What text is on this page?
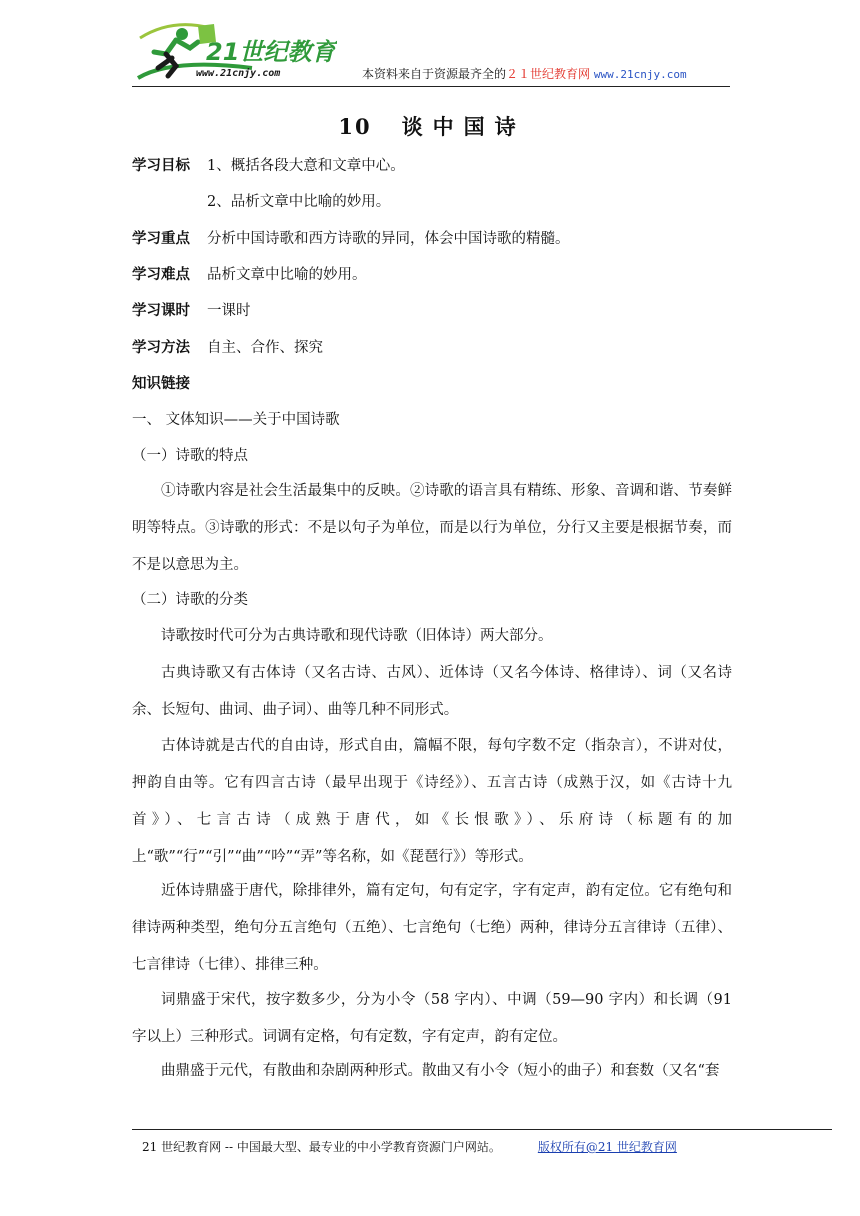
21世纪教育
www.21cnjy.com	本资料来自于资源最齐全的２１世纪教育网 www.21cnjy.com
10 谈 中 国 诗
学习目标 1、概括各段大意和文章中心。
2、品析文章中比喻的妙用。
学习重点 分析中国诗歌和西方诗歌的异同，体会中国诗歌的精髓。
学习难点 品析文章中比喻的妙用。
学习课时 一课时
学习方法 自主、合作、探究
知识链接
一、 文体知识——关于中国诗歌
（一）诗歌的特点
①诗歌内容是社会生活最集中的反映。②诗歌的语言具有精练、形象、音调和谐、节奏鲜明等特点。③诗歌的形式：不是以句子为单位，而是以行为单位，分行又主要是根据节奏，而不是以意思为主。
（二）诗歌的分类
诗歌按时代可分为古典诗歌和现代诗歌（旧体诗）两大部分。
古典诗歌又有古体诗（又名古诗、古风）、近体诗（又名今体诗、格律诗）、词（又名诗余、长短句、曲词、曲子词）、曲等几种不同形式。
古体诗就是古代的自由诗，形式自由，篇幅不限，每句字数不定（指杂言），不讲对仗，押韵自由等。它有四言古诗（最早出现于《诗经》）、五言古诗（成熟于汉，如《古诗十九首》）、七言古诗（成熟于唐代，如《长恨歌》）、乐府诗（标题有的加上“歌”“行”“引”“曲”“吟”“弄”等名称，如《琵琶行》）等形式。
近体诗鼎盛于唐代，除排律外，篇有定句，句有定字，字有定声，韵有定位。它有绝句和律诗两种类型，绝句分五言绝句（五绝）、七言绝句（七绝）两种，律诗分五言律诗（五律）、七言律诗（七律）、排律三种。
词鼎盛于宋代，按字数多少，分为小令（58 字内）、中调（59—90 字内）和长调（91 字以上）三种形式。词调有定格，句有定数，字有定声，韵有定位。
曲鼎盛于元代，有散曲和杂剧两种形式。散曲又有小令（短小的曲子）和套数（又名“套
21 世纪教育网 -- 中国最大型、最专业的中小学教育资源门户网站。	版权所有@21 世纪教育网
